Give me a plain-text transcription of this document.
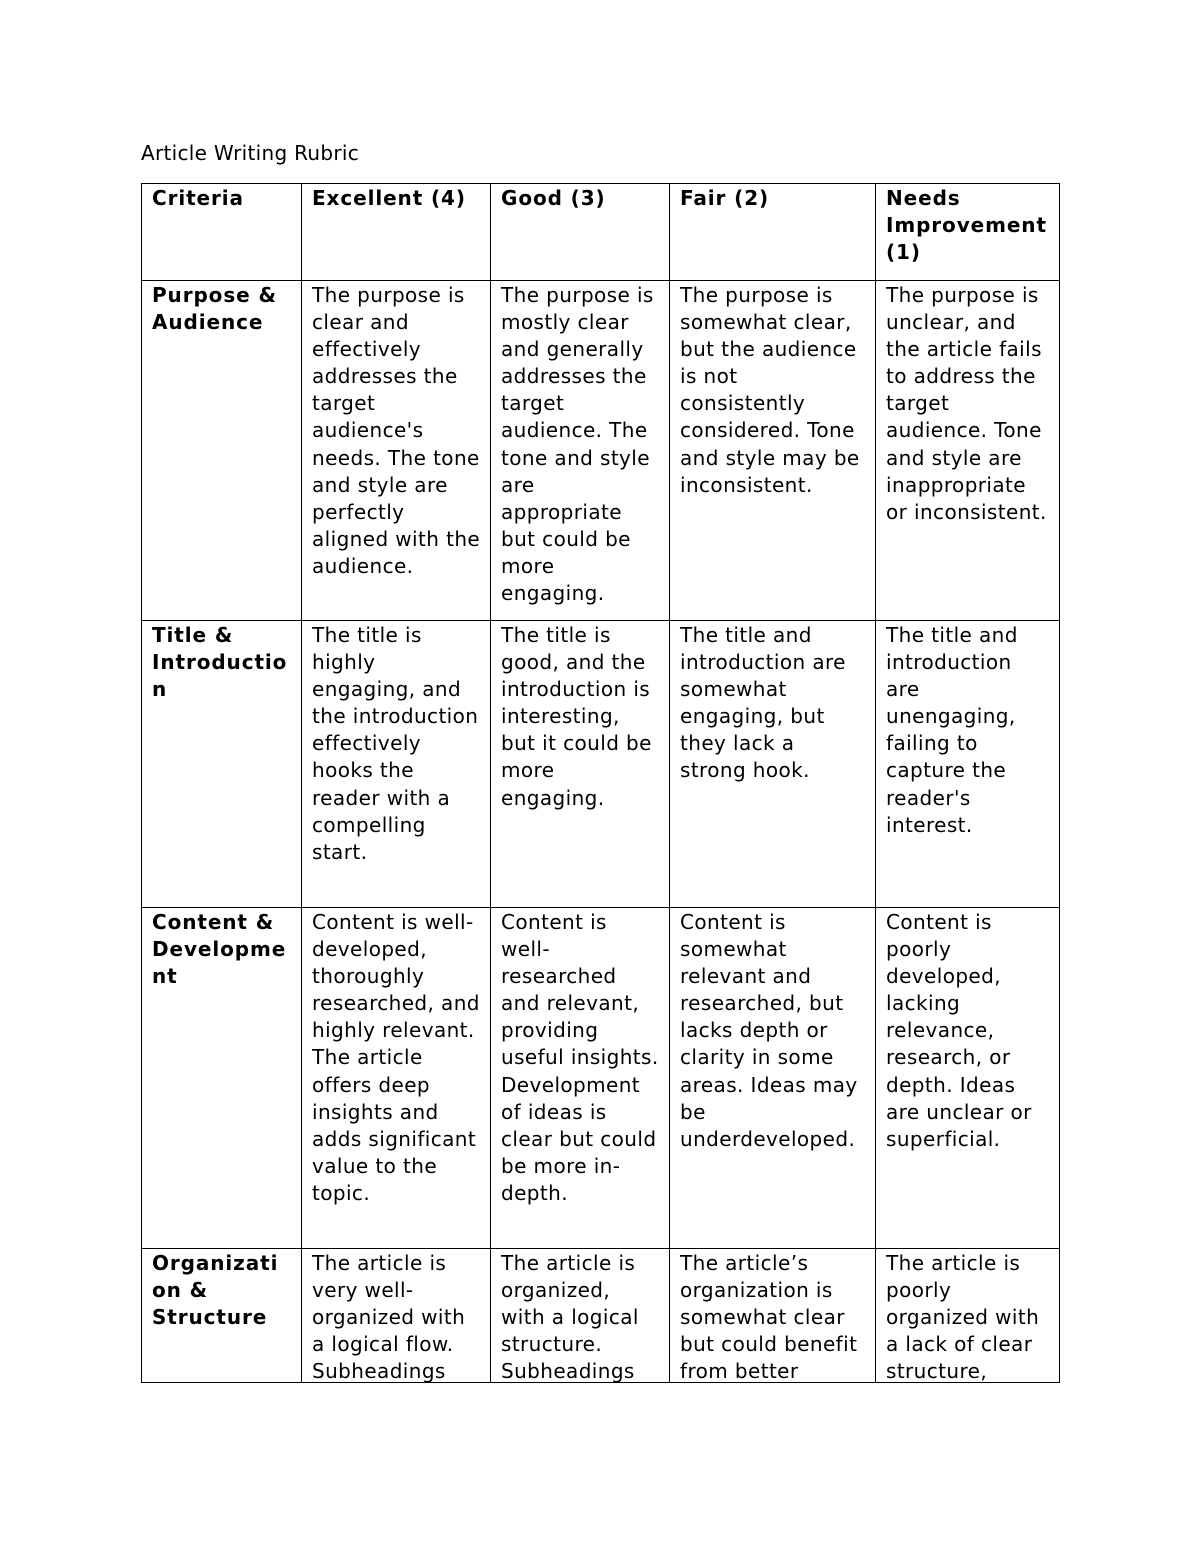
Article Writing Rubric
Criteria	Excellent (4)	Good (3)	Fair (2)	Needs Improvement (1)
Purpose & Audience	The purpose is clear and effectively addresses the target audience's needs. The tone and style are perfectly aligned with the audience.	The purpose is mostly clear and generally addresses the target audience. The tone and style are appropriate but could be more engaging.	The purpose is somewhat clear, but the audience is not consistently considered. Tone and style may be inconsistent.	The purpose is unclear, and the article fails to address the target audience. Tone and style are inappropriate or inconsistent.
Title & Introduction	The title is highly engaging, and the introduction effectively hooks the reader with a compelling start.	The title is good, and the introduction is interesting, but it could be more engaging.	The title and introduction are somewhat engaging, but they lack a strong hook.	The title and introduction are unengaging, failing to capture the reader's interest.
Content & Development	Content is well-developed, thoroughly researched, and highly relevant. The article offers deep insights and adds significant value to the topic.	Content is well-researched and relevant, providing useful insights. Development of ideas is clear but could be more in-depth.	Content is somewhat relevant and researched, but lacks depth or clarity in some areas. Ideas may be underdeveloped.	Content is poorly developed, lacking relevance, research, or depth. Ideas are unclear or superficial.

Organization & Structure	The article is very well-organized with a logical flow. Subheadings	The article is organized, with a logical structure. Subheadings	The article’s organization is somewhat clear but could benefit from better	The article is poorly organized with a lack of clear structure,
